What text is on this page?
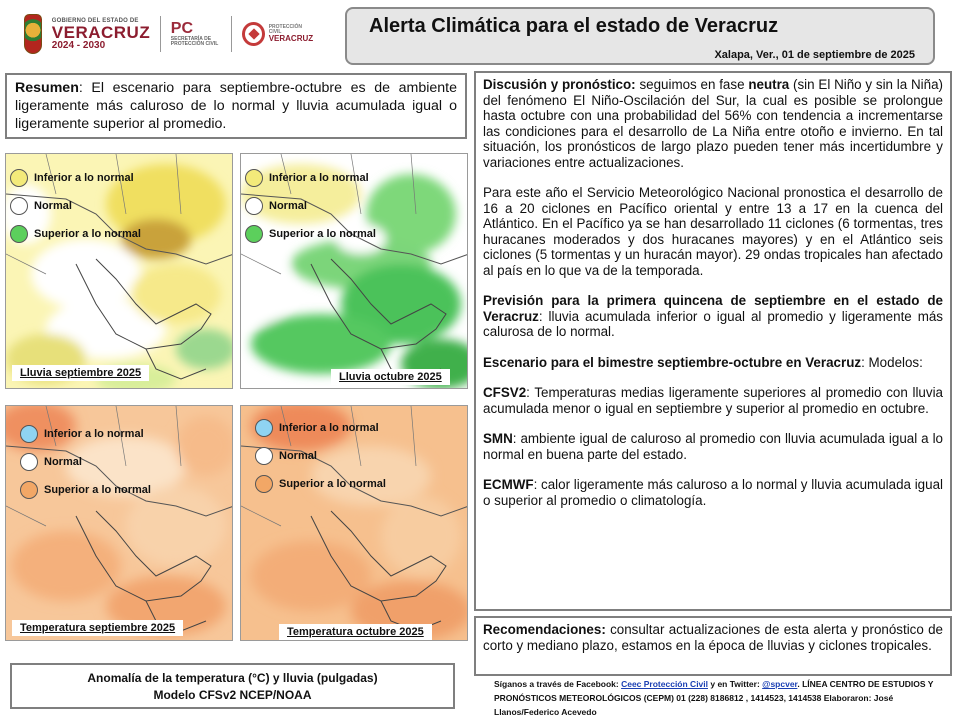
GOBIERNO DEL ESTADO DE
VERACRUZ
2024 - 2030
PC
SECRETARÍA DE PROTECCIÓN CIVIL
PROTECCIÓN CIVIL
VERACRUZ
Alerta Climática para el estado de Veracruz
Xalapa, Ver., 01 de septiembre de 2025
Resumen: El escenario para septiembre-octubre es de ambiente ligeramente más caluroso de lo normal y lluvia acumulada igual o ligeramente superior al promedio.
Inferior a lo normal
Normal
Superior a lo normal
Lluvia septiembre 2025
Inferior a lo normal
Normal
Superior a lo normal
Lluvia octubre 2025
Inferior a lo normal
Normal
Superior a lo normal
Temperatura septiembre 2025
Inferior a lo normal
Normal
Superior a lo normal
Temperatura octubre 2025
Anomalía de la temperatura (°C) y lluvia (pulgadas)
Modelo CFSv2 NCEP/NOAA

Discusión y pronóstico: seguimos en fase neutra (sin El Niño y sin la Niña) del fenómeno El Niño-Oscilación del Sur, la cual es posible se prolongue hasta octubre con una probabilidad del 56% con tendencia a incrementarse las condiciones para el desarrollo de La Niña entre otoño e invierno. En tal situación, los pronósticos de largo plazo pueden tener más incertidumbre y variaciones entre actualizaciones.

Para este año el Servicio Meteorológico Nacional pronostica el desarrollo de 16 a 20 ciclones en Pacífico oriental y entre 13 a 17 en la cuenca del Atlántico. En el Pacífico ya se han desarrollado 11 ciclones (6 tormentas, tres huracanes moderados y dos huracanes mayores) y en el Atlántico seis ciclones (5 tormentas y un huracán mayor). 29 ondas tropicales han afectado al país en lo que va de la temporada.

Previsión para la primera quincena de septiembre en el estado de Veracruz: lluvia acumulada inferior o igual al promedio y ligeramente más calurosa de lo normal.

Escenario para el bimestre septiembre-octubre en Veracruz: Modelos:

CFSV2: Temperaturas medias ligeramente superiores al promedio con lluvia acumulada menor o igual en septiembre y superior al promedio en octubre.

SMN: ambiente igual de caluroso al promedio con lluvia acumulada igual a lo normal en buena parte del estado.

ECMWF: calor ligeramente más caluroso a lo normal y lluvia acumulada igual o superior al promedio o climatología.

Recomendaciones: consultar actualizaciones de esta alerta y pronóstico de corto y mediano plazo, estamos en la época de lluvias y ciclones tropicales.
Síganos a través de Facebook: Ceec Protección Civil y en Twitter: @spcver. LÍNEA CENTRO DE ESTUDIOS Y PRONÓSTICOS METEOROLÓGICOS (CEPM) 01 (228) 8186812 , 1414523, 1414538 Elaboraron: José Llanos/Federico Acevedo
